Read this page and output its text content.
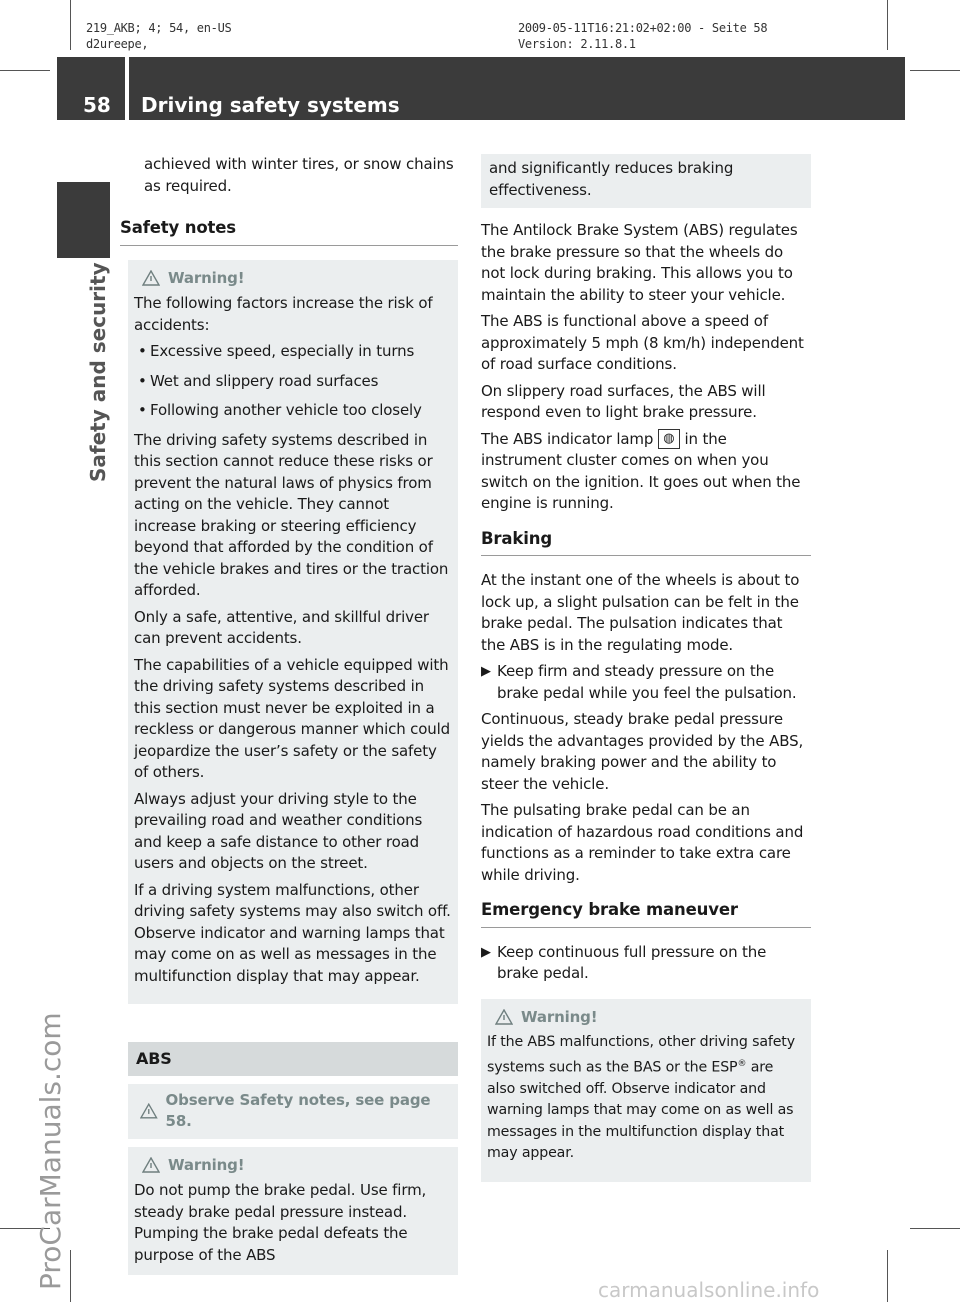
219_AKB; 4; 54, en-US
d2ureepe,
2009-05-11T16:21:02+02:00 - Seite 58
Version: 2.11.8.1
58 Driving safety systems
Safety and security
ProCarManuals.com	carmanualsonline.info

achieved with winter tires, or snow chains as required.

Safety notes
Warning!

The following factors increase the risk of accidents:

• Excessive speed, especially in turns
• Wet and slippery road surfaces
• Following another vehicle too closely

The driving safety systems described in this section cannot reduce these risks or prevent the natural laws of physics from acting on the vehicle. They cannot increase braking or steering efficiency beyond that afforded by the condition of the vehicle brakes and tires or the traction afforded.

Only a safe, attentive, and skillful driver can prevent accidents.

The capabilities of a vehicle equipped with the driving safety systems described in this section must never be exploited in a reckless or dangerous manner which could jeopardize the user’s safety or the safety of others.

Always adjust your driving style to the prevailing road and weather conditions and keep a safe distance to other road users and objects on the street.

If a driving system malfunctions, other driving safety systems may also switch off. Observe indicator and warning lamps that may come on as well as messages in the multifunction display that may appear.

ABS
Observe Safety notes, see page 58.
Warning!

Do not pump the brake pedal. Use firm, steady brake pedal pressure instead. Pumping the brake pedal defeats the purpose of the ABS

and significantly reduces braking effectiveness.

The Antilock Brake System (ABS) regulates the brake pressure so that the wheels do not lock during braking. This allows you to maintain the ability to steer your vehicle.

The ABS is functional above a speed of approximately 5 mph (8 km/h) independent of road surface conditions.

On slippery road surfaces, the ABS will respond even to light brake pressure.

The ABS indicator lamp ◍ in the instrument cluster comes on when you switch on the ignition. It goes out when the engine is running.

Braking

At the instant one of the wheels is about to lock up, a slight pulsation can be felt in the brake pedal. The pulsation indicates that the ABS is in the regulating mode.

▶ Keep firm and steady pressure on the brake pedal while you feel the pulsation.

Continuous, steady brake pedal pressure yields the advantages provided by the ABS, namely braking power and the ability to steer the vehicle.

The pulsating brake pedal can be an indication of hazardous road conditions and functions as a reminder to take extra care while driving.

Emergency brake maneuver
▶ Keep continuous full pressure on the brake pedal.
Warning!

If the ABS malfunctions, other driving safety systems such as the BAS or the ESP® are also switched off. Observe indicator and warning lamps that may come on as well as messages in the multifunction display that may appear.
